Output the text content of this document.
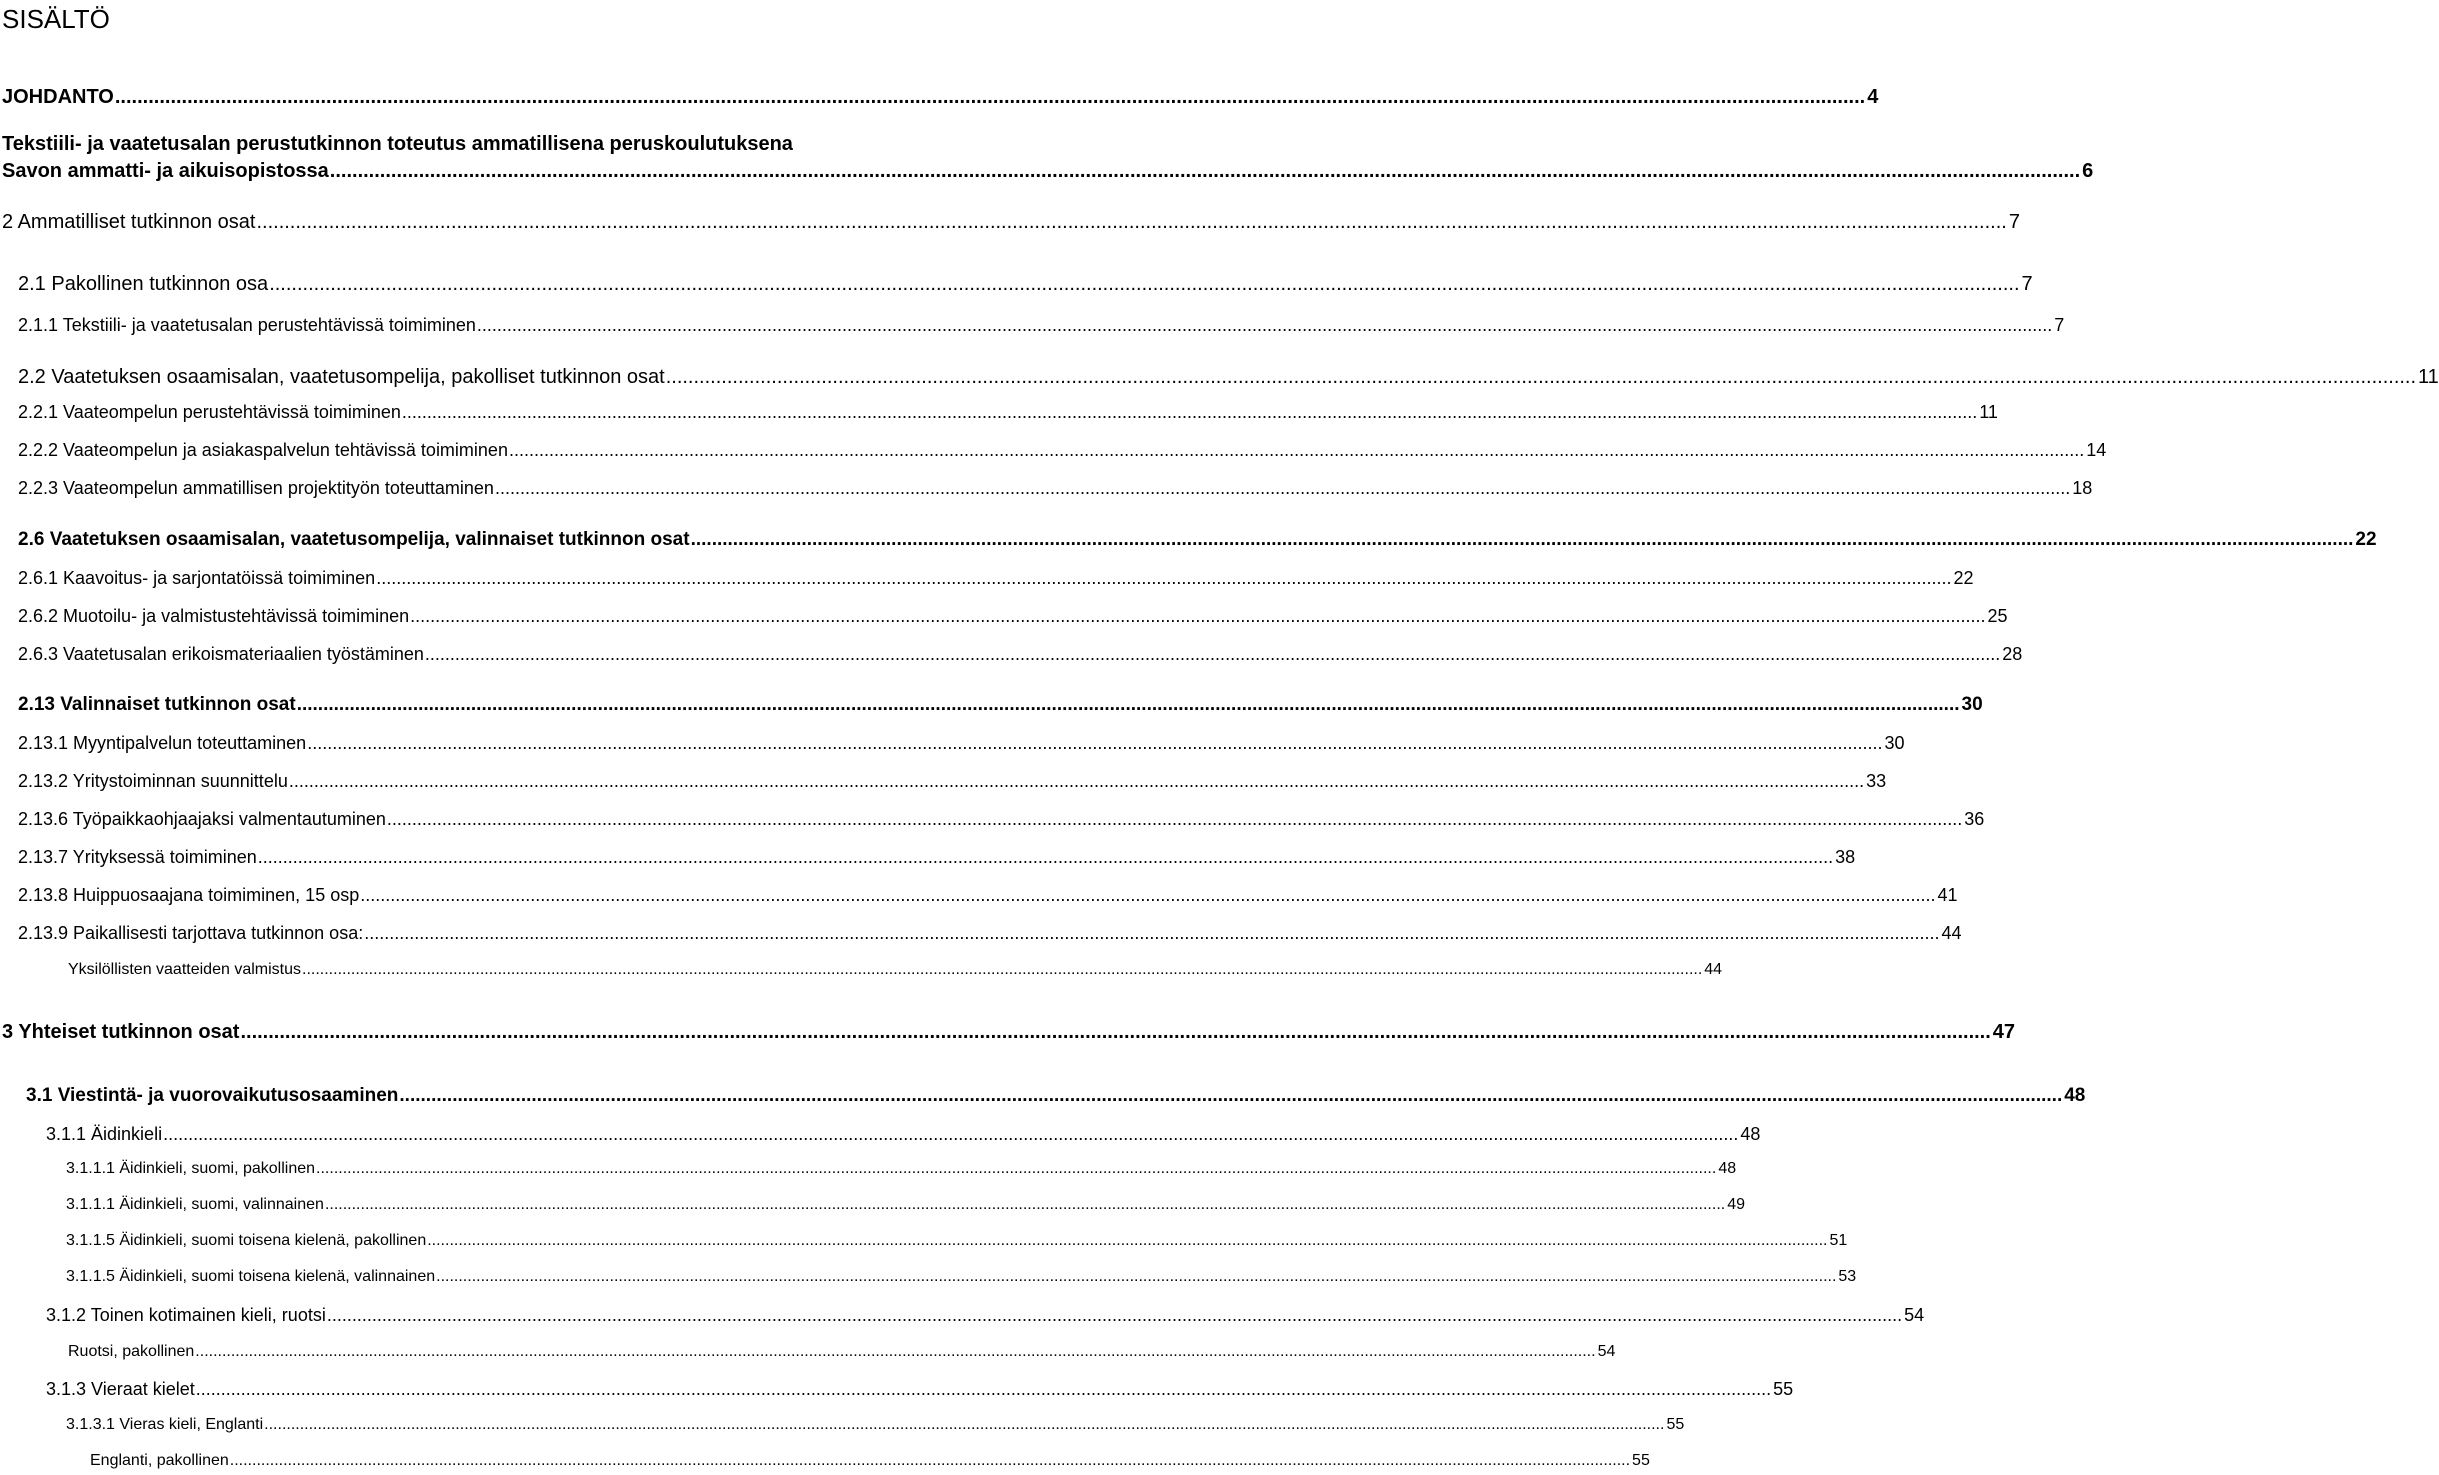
SISÄLTÖ
JOHDANTO ........................................................................................................................................................................................................................................................................................................................... 4
Tekstiili- ja vaatetusalan perustutkinnon toteutus ammatillisena peruskoulutuksena
Savon ammatti- ja aikuisopistossa ........................................................................................................................................................................................................................................................................................................................... 6
2 Ammatilliset tutkinnon osat ........................................................................................................................................................................................................................................................................................................................... 7
2.1 Pakollinen tutkinnon osa ........................................................................................................................................................................................................................................................................................................................... 7
2.1.1 Tekstiili- ja vaatetusalan perustehtävissä toimiminen ........................................................................................................................................................................................................................................................................................................................... 7
2.2 Vaatetuksen osaamisalan, vaatetusompelija, pakolliset tutkinnon osat ........................................................................................................................................................................................................................................................................................................................... 11
2.2.1 Vaateompelun perustehtävissä toimiminen ........................................................................................................................................................................................................................................................................................................................... 11
2.2.2 Vaateompelun ja asiakaspalvelun tehtävissä toimiminen ........................................................................................................................................................................................................................................................................................................................... 14
2.2.3 Vaateompelun ammatillisen projektityön toteuttaminen ........................................................................................................................................................................................................................................................................................................................... 18
2.6 Vaatetuksen osaamisalan, vaatetusompelija, valinnaiset tutkinnon osat ........................................................................................................................................................................................................................................................................................................................... 22
2.6.1 Kaavoitus- ja sarjontatöissä toimiminen ........................................................................................................................................................................................................................................................................................................................... 22
2.6.2 Muotoilu- ja valmistustehtävissä toimiminen ........................................................................................................................................................................................................................................................................................................................... 25
2.6.3 Vaatetusalan erikoismateriaalien työstäminen ........................................................................................................................................................................................................................................................................................................................... 28
2.13 Valinnaiset tutkinnon osat ........................................................................................................................................................................................................................................................................................................................... 30
2.13.1 Myyntipalvelun toteuttaminen ........................................................................................................................................................................................................................................................................................................................... 30
2.13.2 Yritystoiminnan suunnittelu ........................................................................................................................................................................................................................................................................................................................... 33
2.13.6 Työpaikkaohjaajaksi valmentautuminen ........................................................................................................................................................................................................................................................................................................................... 36
2.13.7 Yrityksessä toimiminen ........................................................................................................................................................................................................................................................................................................................... 38
2.13.8 Huippuosaajana toimiminen, 15 osp ........................................................................................................................................................................................................................................................................................................................... 41
2.13.9 Paikallisesti tarjottava tutkinnon osa: ........................................................................................................................................................................................................................................................................................................................... 44
Yksilöllisten vaatteiden valmistus ........................................................................................................................................................................................................................................................................................................................... 44
3 Yhteiset tutkinnon osat ........................................................................................................................................................................................................................................................................................................................... 47
3.1 Viestintä- ja vuorovaikutusosaaminen ........................................................................................................................................................................................................................................................................................................................... 48
3.1.1 Äidinkieli ........................................................................................................................................................................................................................................................................................................................... 48
3.1.1.1 Äidinkieli, suomi, pakollinen ........................................................................................................................................................................................................................................................................................................................... 48
3.1.1.1 Äidinkieli, suomi, valinnainen ........................................................................................................................................................................................................................................................................................................................... 49
3.1.1.5 Äidinkieli, suomi toisena kielenä, pakollinen ........................................................................................................................................................................................................................................................................................................................... 51
3.1.1.5 Äidinkieli, suomi toisena kielenä, valinnainen ........................................................................................................................................................................................................................................................................................................................... 53
3.1.2 Toinen kotimainen kieli, ruotsi ........................................................................................................................................................................................................................................................................................................................... 54
Ruotsi, pakollinen ........................................................................................................................................................................................................................................................................................................................... 54
3.1.3 Vieraat kielet ........................................................................................................................................................................................................................................................................................................................... 55
3.1.3.1 Vieras kieli, Englanti ........................................................................................................................................................................................................................................................................................................................... 55
Englanti, pakollinen ........................................................................................................................................................................................................................................................................................................................... 55
